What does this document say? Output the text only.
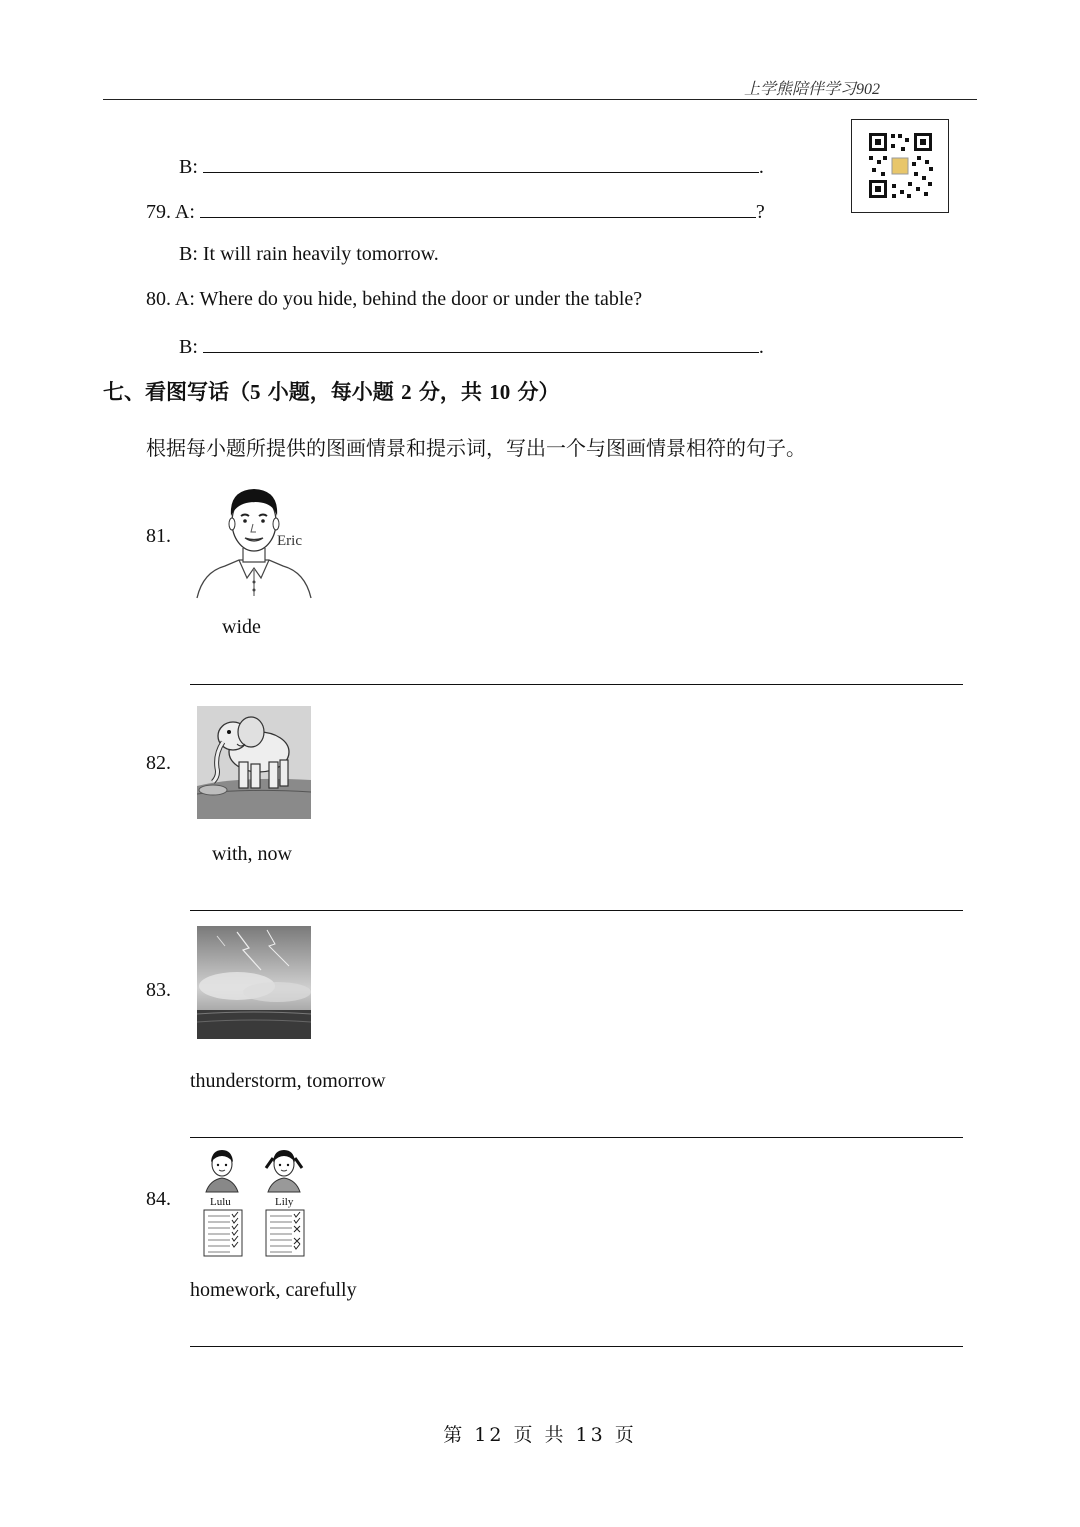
上学熊陪伴学习902
B:	.
79. A:	?
B: It will rain heavily tomorrow.
80. A: Where do you hide, behind the door or under the table?
B:	.
七、看图写话（5 小题，每小题 2 分，共 10 分）
根据每小题所提供的图画情景和提示词，写出一个与图画情景相符的句子。
81.	Eric
wide
82.
with, now
83.
thunderstorm, tomorrow
84.	Lulu	Lily
homework, carefully
第 12 页 共 13 页
